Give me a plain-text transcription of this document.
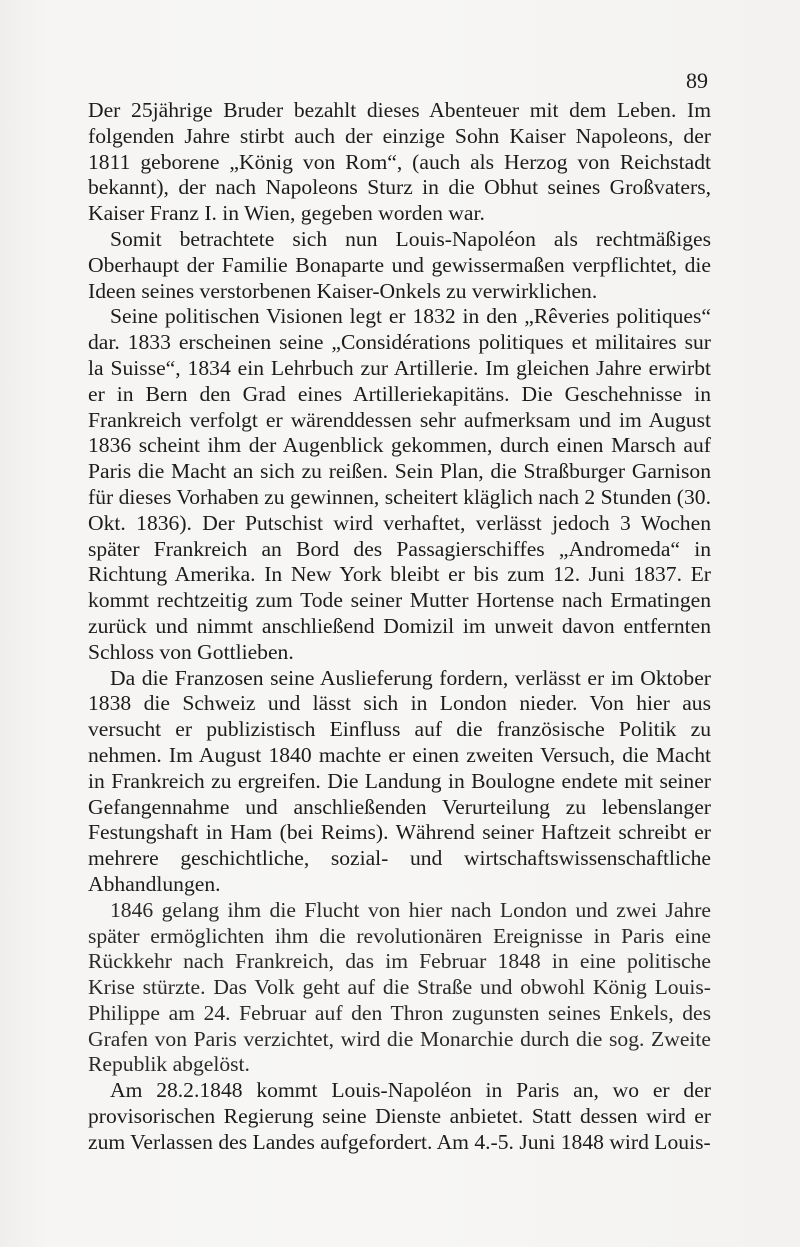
89

Der 25jährige Bruder bezahlt dieses Abenteuer mit dem Leben. Im folgenden Jahre stirbt auch der einzige Sohn Kaiser Napoleons, der 1811 geborene „König von Rom“, (auch als Herzog von Reichstadt bekannt), der nach Napoleons Sturz in die Obhut seines Großvaters, Kaiser Franz I. in Wien, gegeben worden war.

Somit betrachtete sich nun Louis-Napoléon als rechtmäßiges Oberhaupt der Familie Bonaparte und gewissermaßen verpflichtet, die Ideen seines verstorbenen Kaiser-Onkels zu verwirklichen.

Seine politischen Visionen legt er 1832 in den „Rêveries politiques“ dar. 1833 erscheinen seine „Considérations politiques et militaires sur la Suisse“, 1834 ein Lehrbuch zur Artillerie. Im gleichen Jahre erwirbt er in Bern den Grad eines Artilleriekapitäns. Die Geschehnisse in Frankreich verfolgt er wärenddessen sehr aufmerksam und im August 1836 scheint ihm der Augenblick gekommen, durch einen Marsch auf Paris die Macht an sich zu reißen. Sein Plan, die Straßburger Garnison für dieses Vorhaben zu gewinnen, scheitert kläglich nach 2 Stunden (30. Okt. 1836). Der Putschist wird verhaftet, verlässt jedoch 3 Wochen später Frankreich an Bord des Passagierschiffes „Andromeda“ in Richtung Amerika. In New York bleibt er bis zum 12. Juni 1837. Er kommt rechtzeitig zum Tode seiner Mutter Hortense nach Ermatingen zurück und nimmt anschließend Domizil im unweit davon entfernten Schloss von Gottlieben.

Da die Franzosen seine Auslieferung fordern, verlässt er im Oktober 1838 die Schweiz und lässt sich in London nieder. Von hier aus versucht er publizistisch Einfluss auf die französische Politik zu nehmen. Im August 1840 machte er einen zweiten Versuch, die Macht in Frankreich zu ergreifen. Die Landung in Boulogne endete mit seiner Gefangennahme und anschließenden Verurteilung zu lebenslanger Festungshaft in Ham (bei Reims). Während seiner Haftzeit schreibt er mehrere geschichtliche, sozial- und wirtschaftswissenschaftliche Abhandlungen.

1846 gelang ihm die Flucht von hier nach London und zwei Jahre später ermöglichten ihm die revolutionären Ereignisse in Paris eine Rückkehr nach Frankreich, das im Februar 1848 in eine politische Krise stürzte. Das Volk geht auf die Straße und obwohl König Louis-Philippe am 24. Februar auf den Thron zugunsten seines Enkels, des Grafen von Paris verzichtet, wird die Monarchie durch die sog. Zweite Republik abgelöst.

Am 28.2.1848 kommt Louis-Napoléon in Paris an, wo er der provisorischen Regierung seine Dienste anbietet. Statt dessen wird er zum Verlassen des Landes aufgefordert. Am 4.-5. Juni 1848 wird Louis-
